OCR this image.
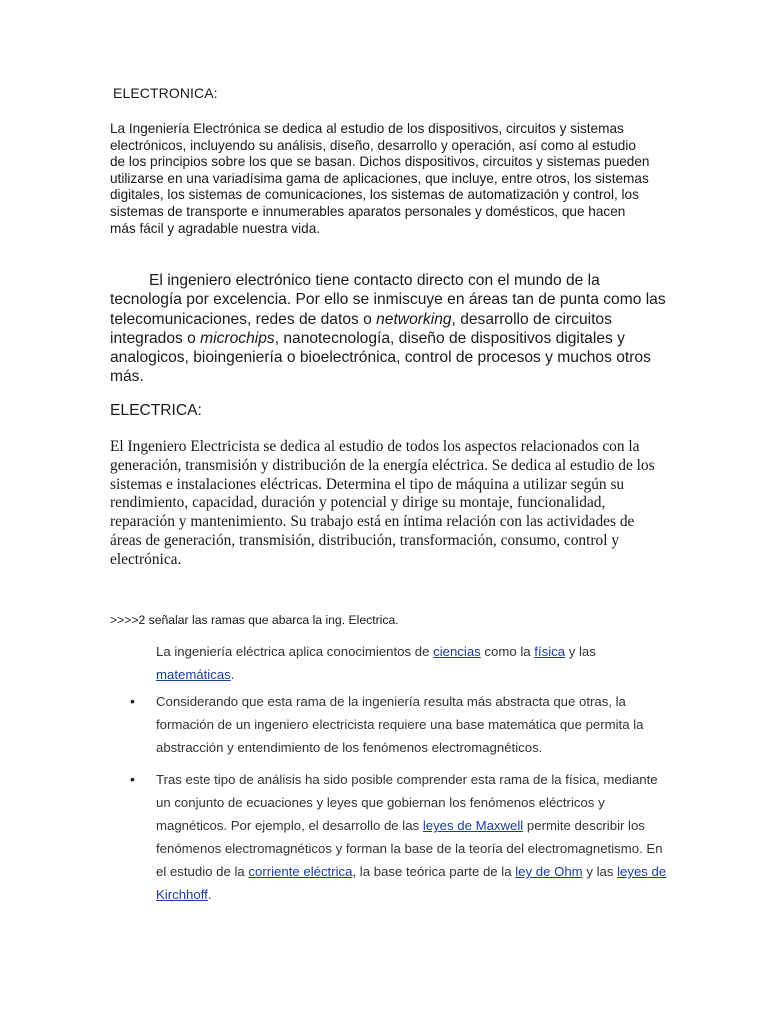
ELECTRONICA:
La Ingeniería Electrónica se dedica al estudio de los dispositivos, circuitos y sistemas electrónicos, incluyendo su análisis, diseño, desarrollo y operación, así como al estudio de los principios sobre los que se basan. Dichos dispositivos, circuitos y sistemas pueden utilizarse en una variadísima gama de aplicaciones, que incluye, entre otros, los sistemas digitales, los sistemas de comunicaciones, los sistemas de automatización y control, los sistemas de transporte e innumerables aparatos personales y domésticos, que hacen más fácil y agradable nuestra vida.
El ingeniero electrónico tiene contacto directo con el mundo de la tecnología por excelencia. Por ello se inmiscuye en áreas tan de punta como las telecomunicaciones, redes de datos o networking, desarrollo de circuitos integrados o microchips, nanotecnología, diseño de dispositivos digitales y analogicos, bioingeniería o bioelectrónica, control de procesos y muchos otros más.
ELECTRICA:
El Ingeniero Electricista se dedica al estudio de todos los aspectos relacionados con la generación, transmisión y distribución de la energía eléctrica. Se dedica al estudio de los sistemas e instalaciones eléctricas. Determina el tipo de máquina a utilizar según su rendimiento, capacidad, duración y potencial y dirige su montaje, funcionalidad, reparación y mantenimiento. Su trabajo está en íntima relación con las actividades de áreas de generación, transmisión, distribución, transformación, consumo, control y electrónica.
>>>>2 señalar las ramas que abarca la ing. Electrica.
La ingeniería eléctrica aplica conocimientos de ciencias como la física y las matemáticas.
• Considerando que esta rama de la ingeniería resulta más abstracta que otras, la formación de un ingeniero electricista requiere una base matemática que permita la abstracción y entendimiento de los fenómenos electromagnéticos.
• Tras este tipo de análisis ha sido posible comprender esta rama de la física, mediante un conjunto de ecuaciones y leyes que gobiernan los fenómenos eléctricos y magnéticos. Por ejemplo, el desarrollo de las leyes de Maxwell permite describir los fenómenos electromagnéticos y forman la base de la teoría del electromagnetismo. En el estudio de la corriente eléctrica, la base teórica parte de la ley de Ohm y las leyes de Kirchhoff.
